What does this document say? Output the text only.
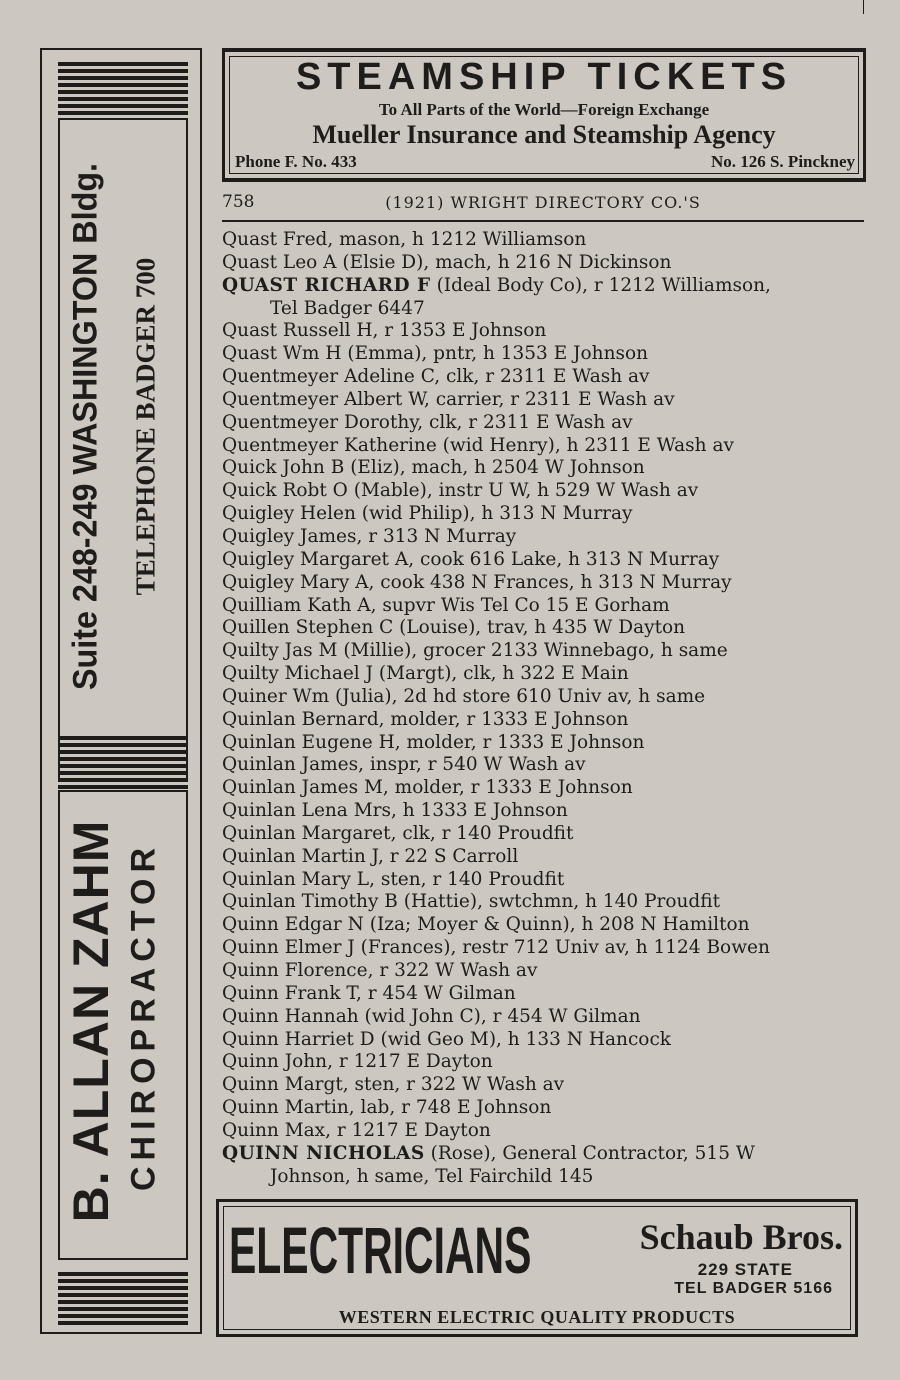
Suite 248-249 WASHINGTON Bldg. TELEPHONE BADGER 700
B. ALLAN ZAHM CHIROPRACTOR
STEAMSHIP TICKETS
To All Parts of the World—Foreign Exchange
Mueller Insurance and Steamship Agency
Phone F. No. 433	No. 126 S. Pinckney
758	(1921) WRIGHT DIRECTORY CO.'S
Quast Fred, mason, h 1212 Williamson
Quast Leo A (Elsie D), mach, h 216 N Dickinson
QUAST RICHARD F (Ideal Body Co), r 1212 Williamson,
Tel Badger 6447
Quast Russell H, r 1353 E Johnson
Quast Wm H (Emma), pntr, h 1353 E Johnson
Quentmeyer Adeline C, clk, r 2311 E Wash av
Quentmeyer Albert W, carrier, r 2311 E Wash av
Quentmeyer Dorothy, clk, r 2311 E Wash av
Quentmeyer Katherine (wid Henry), h 2311 E Wash av
Quick John B (Eliz), mach, h 2504 W Johnson
Quick Robt O (Mable), instr U W, h 529 W Wash av
Quigley Helen (wid Philip), h 313 N Murray
Quigley James, r 313 N Murray
Quigley Margaret A, cook 616 Lake, h 313 N Murray
Quigley Mary A, cook 438 N Frances, h 313 N Murray
Quilliam Kath A, supvr Wis Tel Co 15 E Gorham
Quillen Stephen C (Louise), trav, h 435 W Dayton
Quilty Jas M (Millie), grocer 2133 Winnebago, h same
Quilty Michael J (Margt), clk, h 322 E Main
Quiner Wm (Julia), 2d hd store 610 Univ av, h same
Quinlan Bernard, molder, r 1333 E Johnson
Quinlan Eugene H, molder, r 1333 E Johnson
Quinlan James, inspr, r 540 W Wash av
Quinlan James M, molder, r 1333 E Johnson
Quinlan Lena Mrs, h 1333 E Johnson
Quinlan Margaret, clk, r 140 Proudfit
Quinlan Martin J, r 22 S Carroll
Quinlan Mary L, sten, r 140 Proudfit
Quinlan Timothy B (Hattie), swtchmn, h 140 Proudfit
Quinn Edgar N (Iza; Moyer & Quinn), h 208 N Hamilton
Quinn Elmer J (Frances), restr 712 Univ av, h 1124 Bowen
Quinn Florence, r 322 W Wash av
Quinn Frank T, r 454 W Gilman
Quinn Hannah (wid John C), r 454 W Gilman
Quinn Harriet D (wid Geo M), h 133 N Hancock
Quinn John, r 1217 E Dayton
Quinn Margt, sten, r 322 W Wash av
Quinn Martin, lab, r 748 E Johnson
Quinn Max, r 1217 E Dayton
QUINN NICHOLAS (Rose), General Contractor, 515 W
Johnson, h same, Tel Fairchild 145
ELECTRICIANS	Schaub Bros.
229 STATE
TEL BADGER 5166
WESTERN ELECTRIC QUALITY PRODUCTS
